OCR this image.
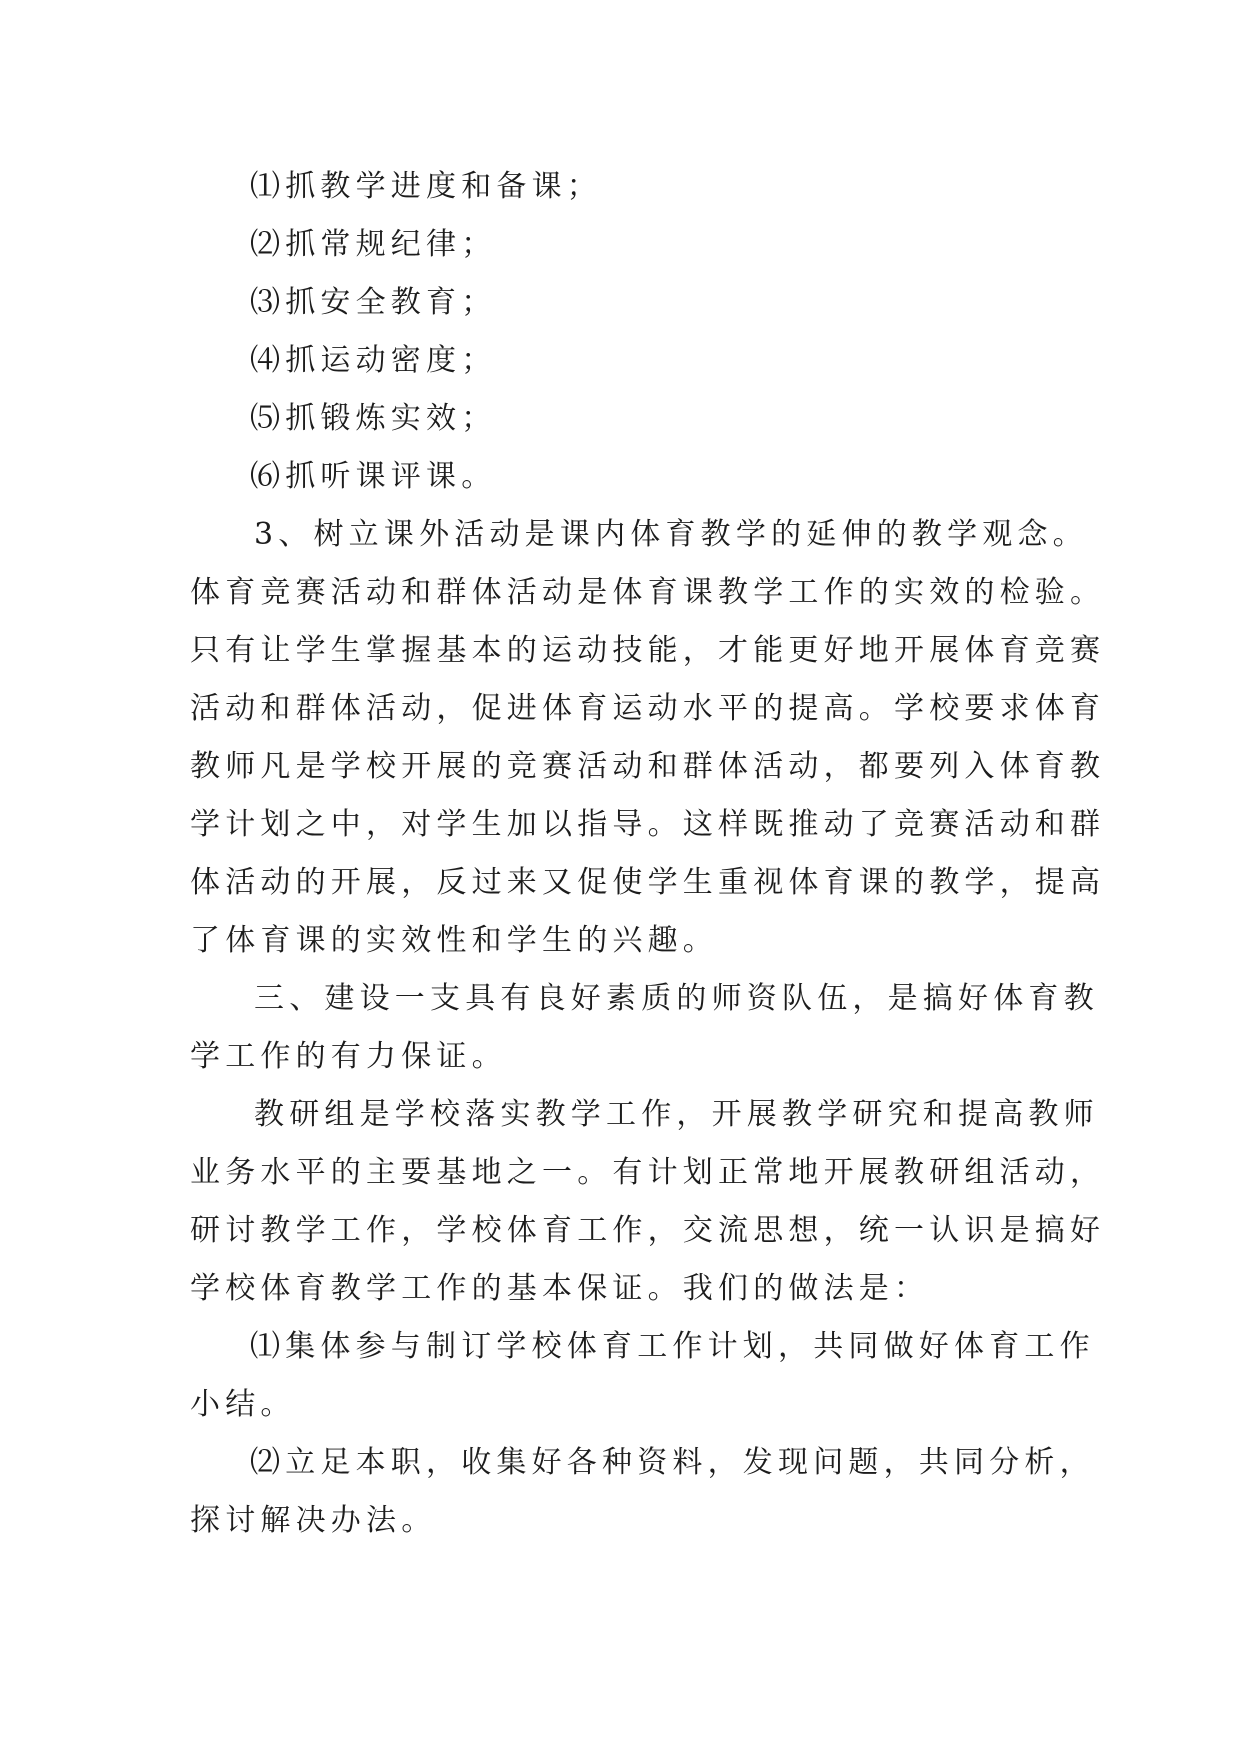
⑴抓教学进度和备课；

⑵抓常规纪律；

⑶抓安全教育；

⑷抓运动密度；

⑸抓锻炼实效；

⑹抓听课评课。

3、树立课外活动是课内体育教学的延伸的教学观念。

体育竞赛活动和群体活动是体育课教学工作的实效的检验。

只有让学生掌握基本的运动技能，才能更好地开展体育竞赛

活动和群体活动，促进体育运动水平的提高。学校要求体育

教师凡是学校开展的竞赛活动和群体活动，都要列入体育教

学计划之中，对学生加以指导。这样既推动了竞赛活动和群

体活动的开展，反过来又促使学生重视体育课的教学，提高

了体育课的实效性和学生的兴趣。

三、建设一支具有良好素质的师资队伍，是搞好体育教

学工作的有力保证。

教研组是学校落实教学工作，开展教学研究和提高教师

业务水平的主要基地之一。有计划正常地开展教研组活动，

研讨教学工作，学校体育工作，交流思想，统一认识是搞好

学校体育教学工作的基本保证。我们的做法是：

⑴集体参与制订学校体育工作计划，共同做好体育工作

小结。

⑵立足本职，收集好各种资料，发现问题，共同分析，

探讨解决办法。
